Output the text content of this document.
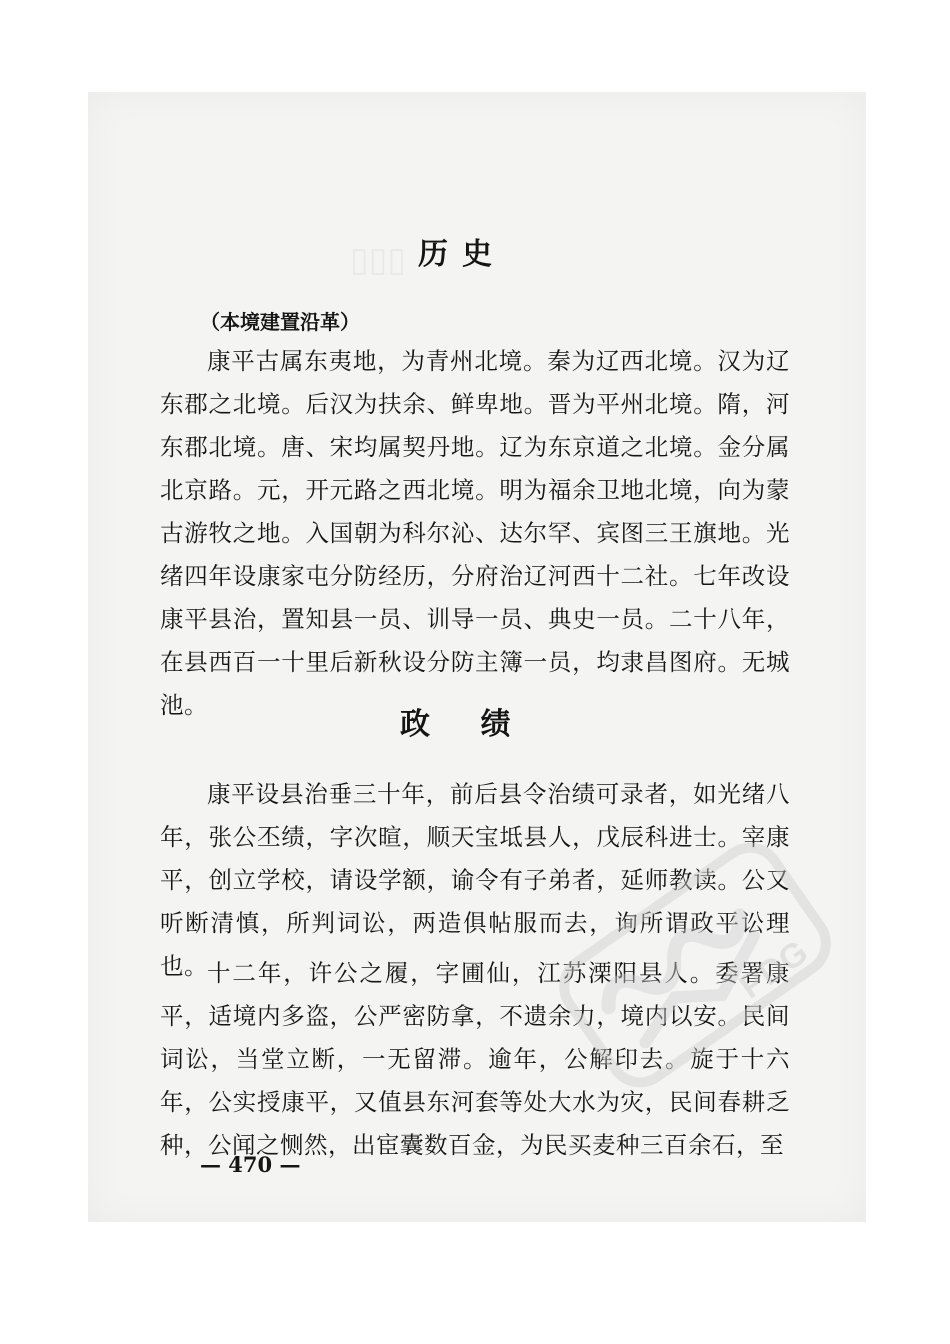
历史
（本境建置沿革）

康平古属东夷地，为青州北境。秦为辽西北境。汉为辽东郡之北境。后汉为扶余、鲜卑地。晋为平州北境。隋，河东郡北境。唐、宋均属契丹地。辽为东京道之北境。金分属北京路。元，开元路之西北境。明为福余卫地北境，向为蒙古游牧之地。入国朝为科尔沁、达尔罕、宾图三王旗地。光绪四年设康家屯分防经历，分府治辽河西十二社。七年改设康平县治，置知县一员、训导一员、典史一员。二十八年，在县西百一十里后新秋设分防主簿一员，均隶昌图府。无城池。

政 绩

康平设县治垂三十年，前后县令治绩可录者，如光绪八年，张公丕绩，字次暄，顺天宝坻县人，戊辰科进士。宰康平，创立学校，请设学额，谕令有子弟者，延师教读。公又听断清慎，所判词讼，两造俱帖服而去，询所谓政平讼理也。 十二年，许公之履，字圃仙，江苏溧阳县人。委署康平，适境内多盗，公严密防拿，不遗余力，境内以安。民间词讼，当堂立断，一无留滞。逾年，公解印去。旋于十六年，公实授康平，又值县东河套等处大水为灾，民间春耕乏种，公闻之恻然，出宦囊数百金，为民买麦种三百余石，至

— 470 —
PDG
